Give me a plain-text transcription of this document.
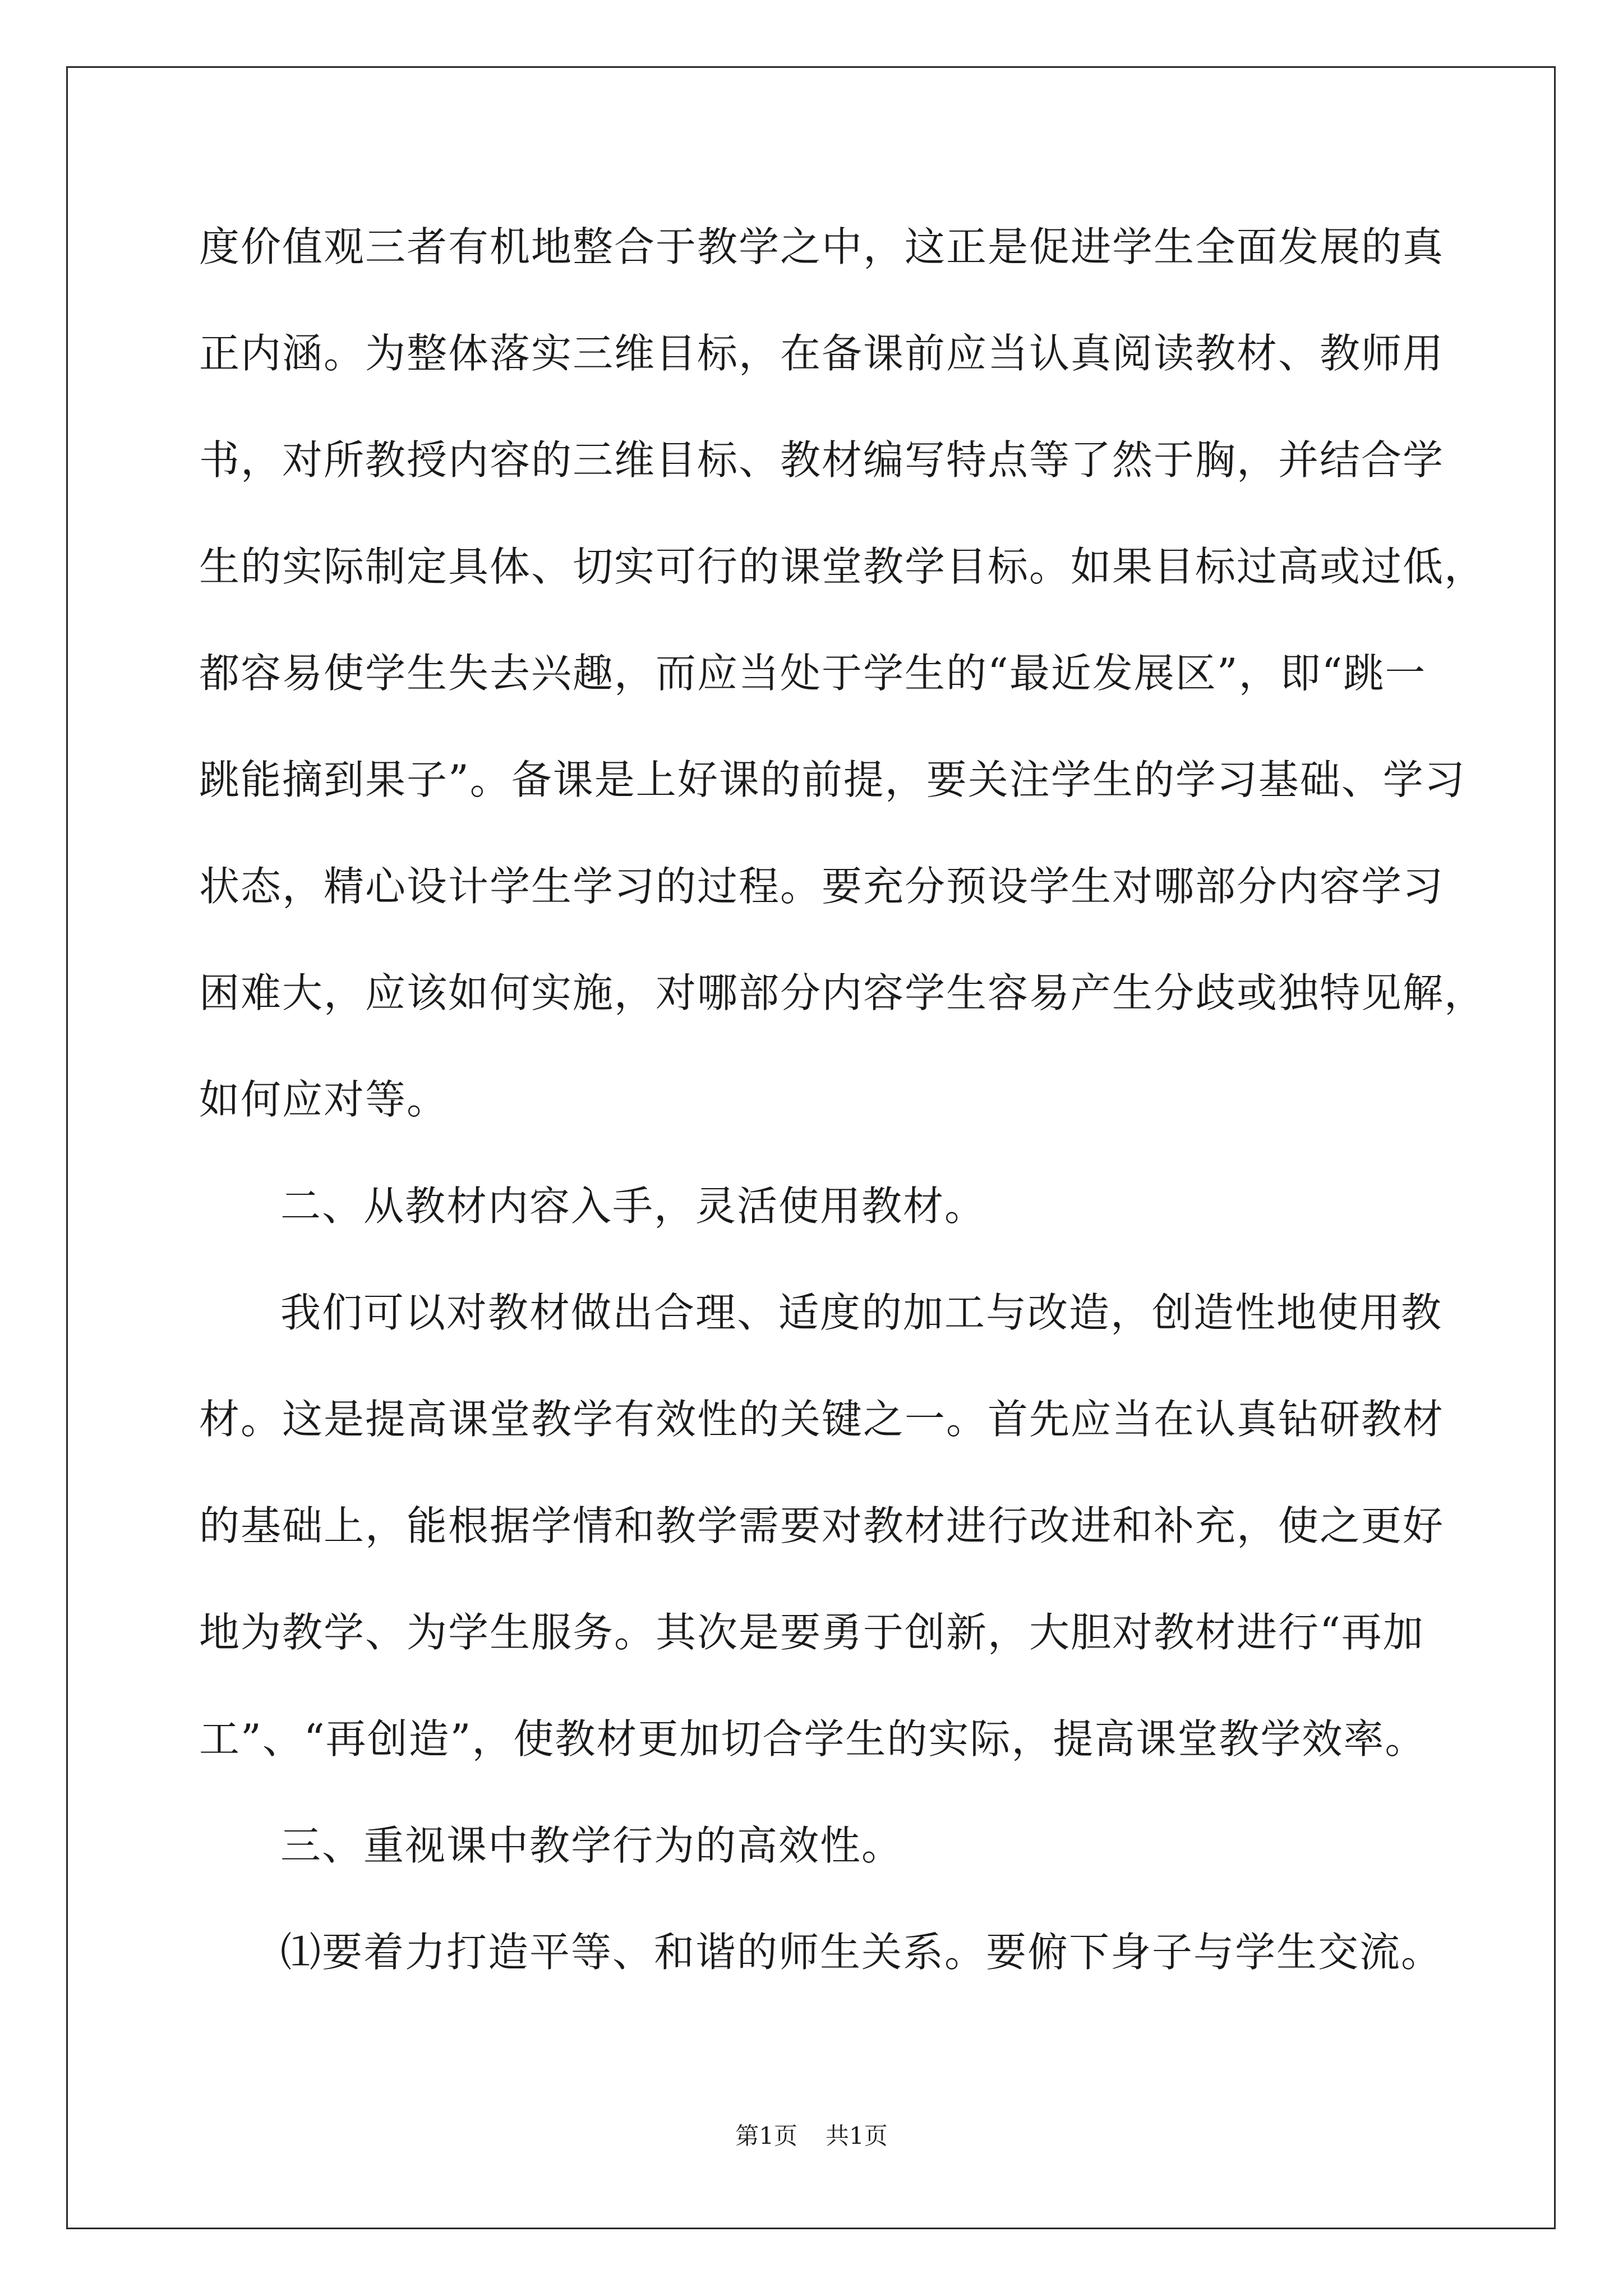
度价值观三者有机地整合于教学之中，这正是促进学生全面发展的真
正内涵。为整体落实三维目标，在备课前应当认真阅读教材、教师用
书，对所教授内容的三维目标、教材编写特点等了然于胸，并结合学
生的实际制定具体、切实可行的课堂教学目标。如果目标过高或过低，
都容易使学生失去兴趣，而应当处于学生的“最近发展区”，即“跳一
跳能摘到果子”。备课是上好课的前提，要关注学生的学习基础、学习
状态，精心设计学生学习的过程。要充分预设学生对哪部分内容学习
困难大，应该如何实施，对哪部分内容学生容易产生分歧或独特见解，
如何应对等。
二、从教材内容入手，灵活使用教材。
我们可以对教材做出合理、适度的加工与改造，创造性地使用教
材。这是提高课堂教学有效性的关键之一。首先应当在认真钻研教材
的基础上，能根据学情和教学需要对教材进行改进和补充，使之更好
地为教学、为学生服务。其次是要勇于创新，大胆对教材进行“再加
工”、“再创造”，使教材更加切合学生的实际，提高课堂教学效率。
三、重视课中教学行为的高效性。
⑴要着力打造平等、和谐的师生关系。要俯下身子与学生交流。
第1页 共1页
